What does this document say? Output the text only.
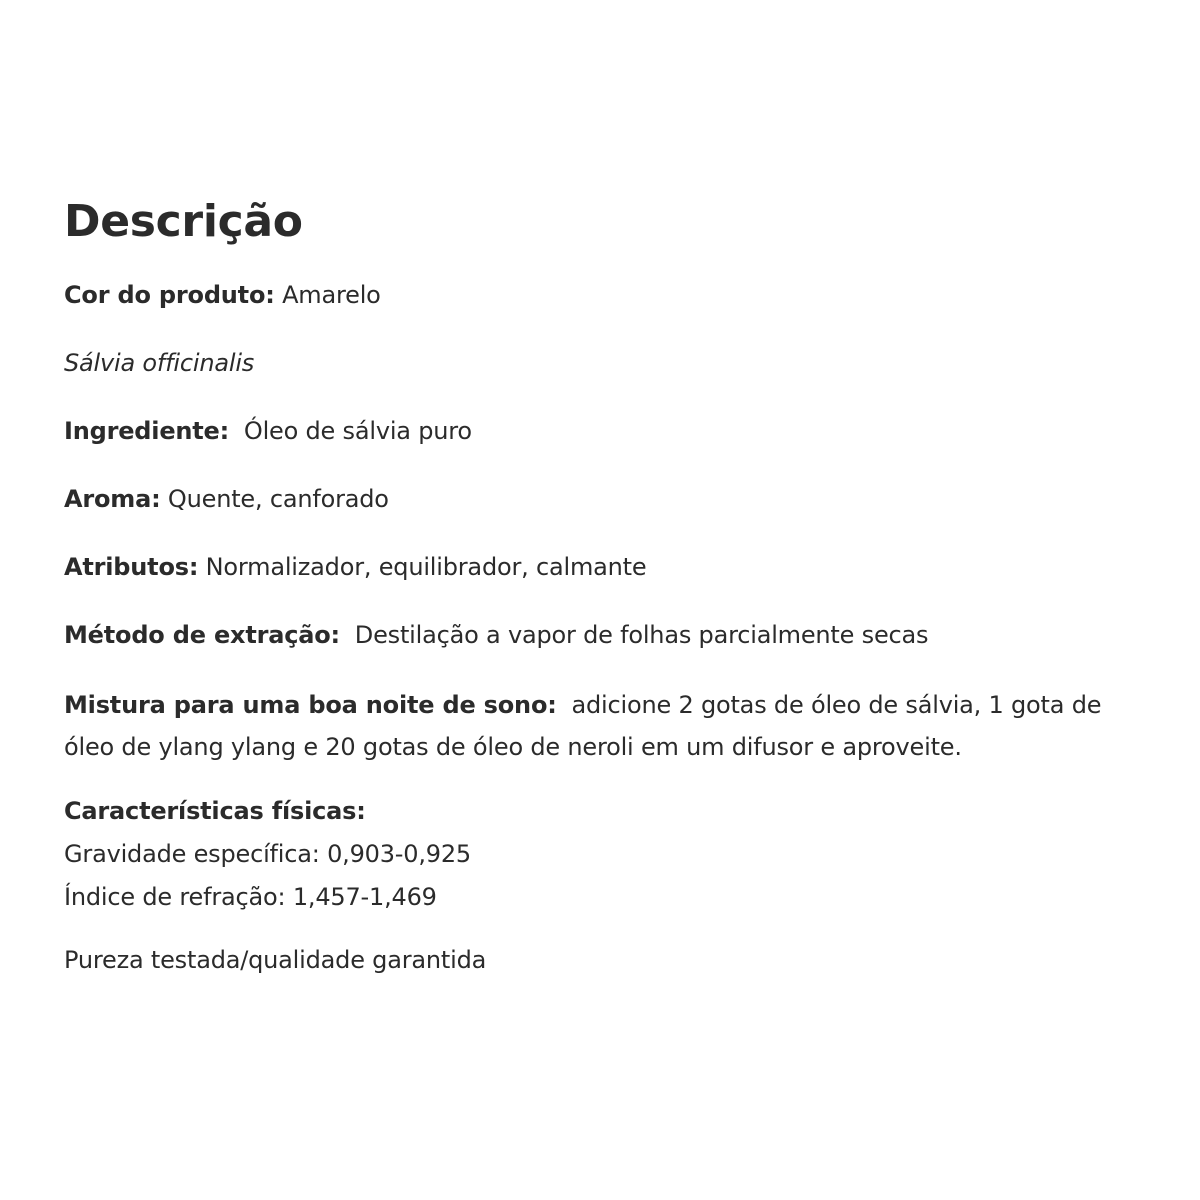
Descrição

Cor do produto: Amarelo

Sálvia officinalis

Ingrediente:  Óleo de sálvia puro

Aroma: Quente, canforado

Atributos: Normalizador, equilibrador, calmante

Método de extração:  Destilação a vapor de folhas parcialmente secas

Mistura para uma boa noite de sono:  adicione 2 gotas de óleo de sálvia, 1 gota de óleo de ylang ylang e 20 gotas de óleo de neroli em um difusor e aproveite.

Características físicas:
Gravidade específica: 0,903-0,925
Índice de refração: 1,457-1,469

Pureza testada/qualidade garantida
